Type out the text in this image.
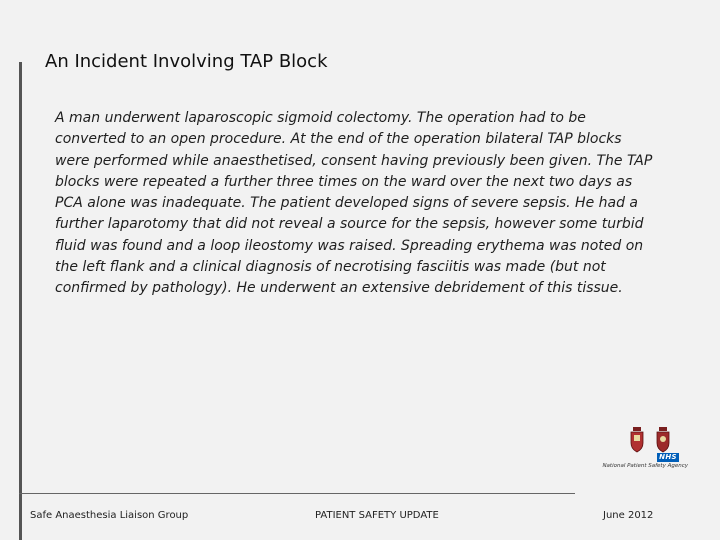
An Incident Involving TAP Block

A man underwent laparoscopic sigmoid colectomy. The operation had to be converted to an open procedure. At the end of the operation bilateral TAP blocks were performed while anaesthetised, consent having previously been given. The TAP blocks were repeated a further three times on the ward over the next two days as PCA alone was inadequate. The patient developed signs of severe sepsis. He had a further laparotomy that did not reveal a source for the sepsis, however some turbid fluid was found and a loop ileostomy was raised. Spreading erythema was noted on the left flank and a clinical diagnosis of necrotising fasciitis was made (but not confirmed by pathology). He underwent an extensive debridement of this tissue.

NHS
National Patient Safety Agency
Safe Anaesthesia Liaison Group	PATIENT SAFETY UPDATE	June 2012
